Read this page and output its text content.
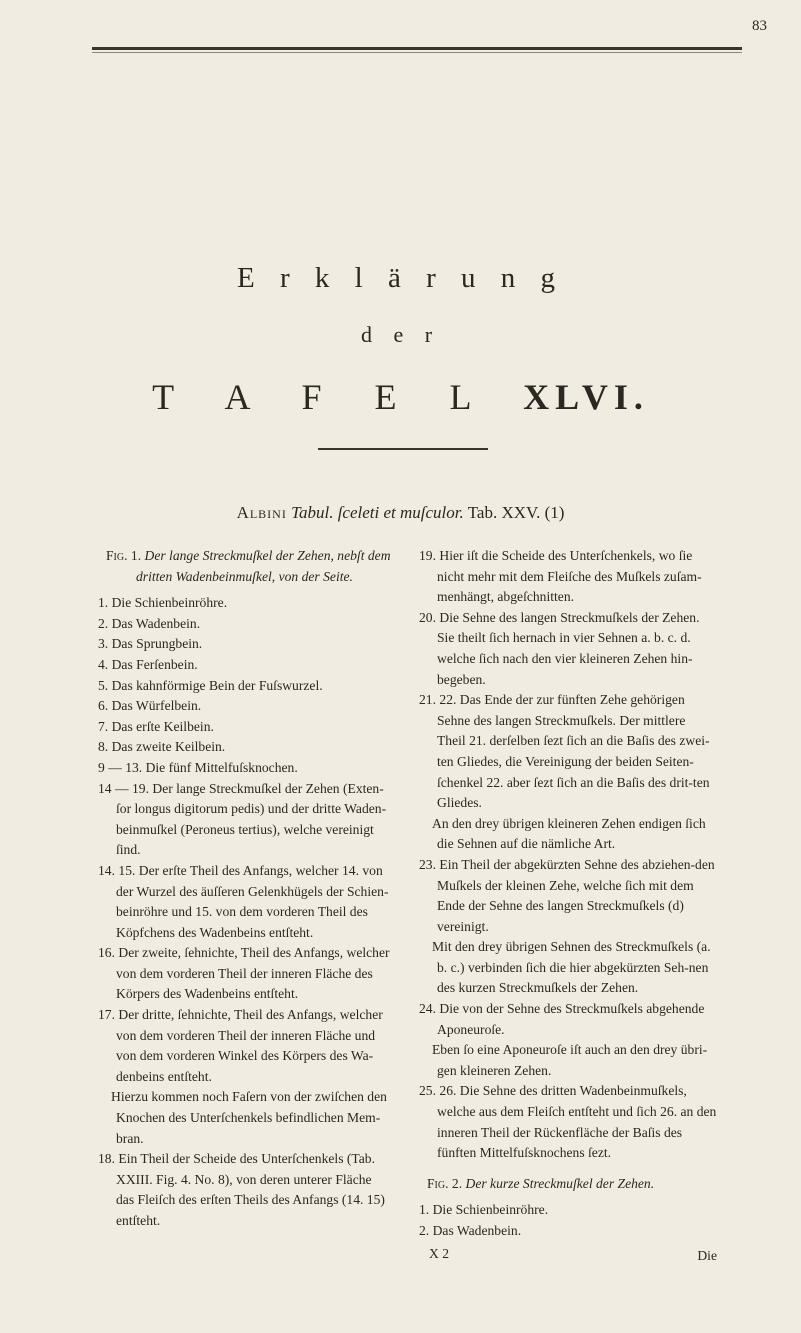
83
E r k l ä r u n g
d e r
T A F E L XLVI.
Albini Tabul. ſceleti et muſculor. Tab. XXV. (1)

Fig. 1. Der lange Streckmuſkel der Zehen, nebſt dem dritten Wadenbeinmuſkel, von der Seite.

1. Die Schienbeinröhre.

2. Das Wadenbein.

3. Das Sprungbein.

4. Das Ferſenbein.

5. Das kahnförmige Bein der Fuſswurzel.

6. Das Würfelbein.

7. Das erſte Keilbein.

8. Das zweite Keilbein.

9 — 13. Die fünf Mittelfuſsknochen.

14 — 19. Der lange Streckmuſkel der Zehen (Exten-ſor longus digitorum pedis) und der dritte Waden-beinmuſkel (Peroneus tertius), welche vereinigt ſind.

14. 15. Der erſte Theil des Anfangs, welcher 14. von der Wurzel des äuſſeren Gelenkhügels der Schien-beinröhre und 15. von dem vorderen Theil des Köpfchens des Wadenbeins entſteht.

16. Der zweite, ſehnichte, Theil des Anfangs, welcher von dem vorderen Theil der inneren Fläche des Körpers des Wadenbeins entſteht.

17. Der dritte, ſehnichte, Theil des Anfangs, welcher von dem vorderen Theil der inneren Fläche und von dem vorderen Winkel des Körpers des Wa-denbeins entſteht.

Hierzu kommen noch Faſern von der zwiſchen den Knochen des Unterſchenkels befindlichen Mem-bran.

18. Ein Theil der Scheide des Unterſchenkels (Tab. XXIII. Fig. 4. No. 8), von deren unterer Fläche das Fleiſch des erſten Theils des Anfangs (14. 15) entſteht.

19. Hier iſt die Scheide des Unterſchenkels, wo ſie nicht mehr mit dem Fleiſche des Muſkels zuſam-menhängt, abgeſchnitten.

20. Die Sehne des langen Streckmuſkels der Zehen. Sie theilt ſich hernach in vier Sehnen a. b. c. d. welche ſich nach den vier kleineren Zehen hin-begeben.

21. 22. Das Ende der zur fünften Zehe gehörigen Sehne des langen Streckmuſkels. Der mittlere Theil 21. derſelben ſezt ſich an die Baſis des zwei-ten Gliedes, die Vereinigung der beiden Seiten-ſchenkel 22. aber ſezt ſich an die Baſis des drit-ten Gliedes.

An den drey übrigen kleineren Zehen endigen ſich die Sehnen auf die nämliche Art.

23. Ein Theil der abgekürzten Sehne des abziehen-den Muſkels der kleinen Zehe, welche ſich mit dem Ende der Sehne des langen Streckmuſkels (d) vereinigt.

Mit den drey übrigen Sehnen des Streckmuſkels (a. b. c.) verbinden ſich die hier abgekürzten Seh-nen des kurzen Streckmuſkels der Zehen.

24. Die von der Sehne des Streckmuſkels abgehende Aponeuroſe.

Eben ſo eine Aponeuroſe iſt auch an den drey übri-gen kleineren Zehen.

25. 26. Die Sehne des dritten Wadenbeinmuſkels, welche aus dem Fleiſch entſteht und ſich 26. an den inneren Theil der Rückenfläche der Baſis des fünften Mittelfuſsknochens ſezt.

Fig. 2. Der kurze Streckmuſkel der Zehen.

1. Die Schienbeinröhre.

2. Das Wadenbein.

X 2	Die
